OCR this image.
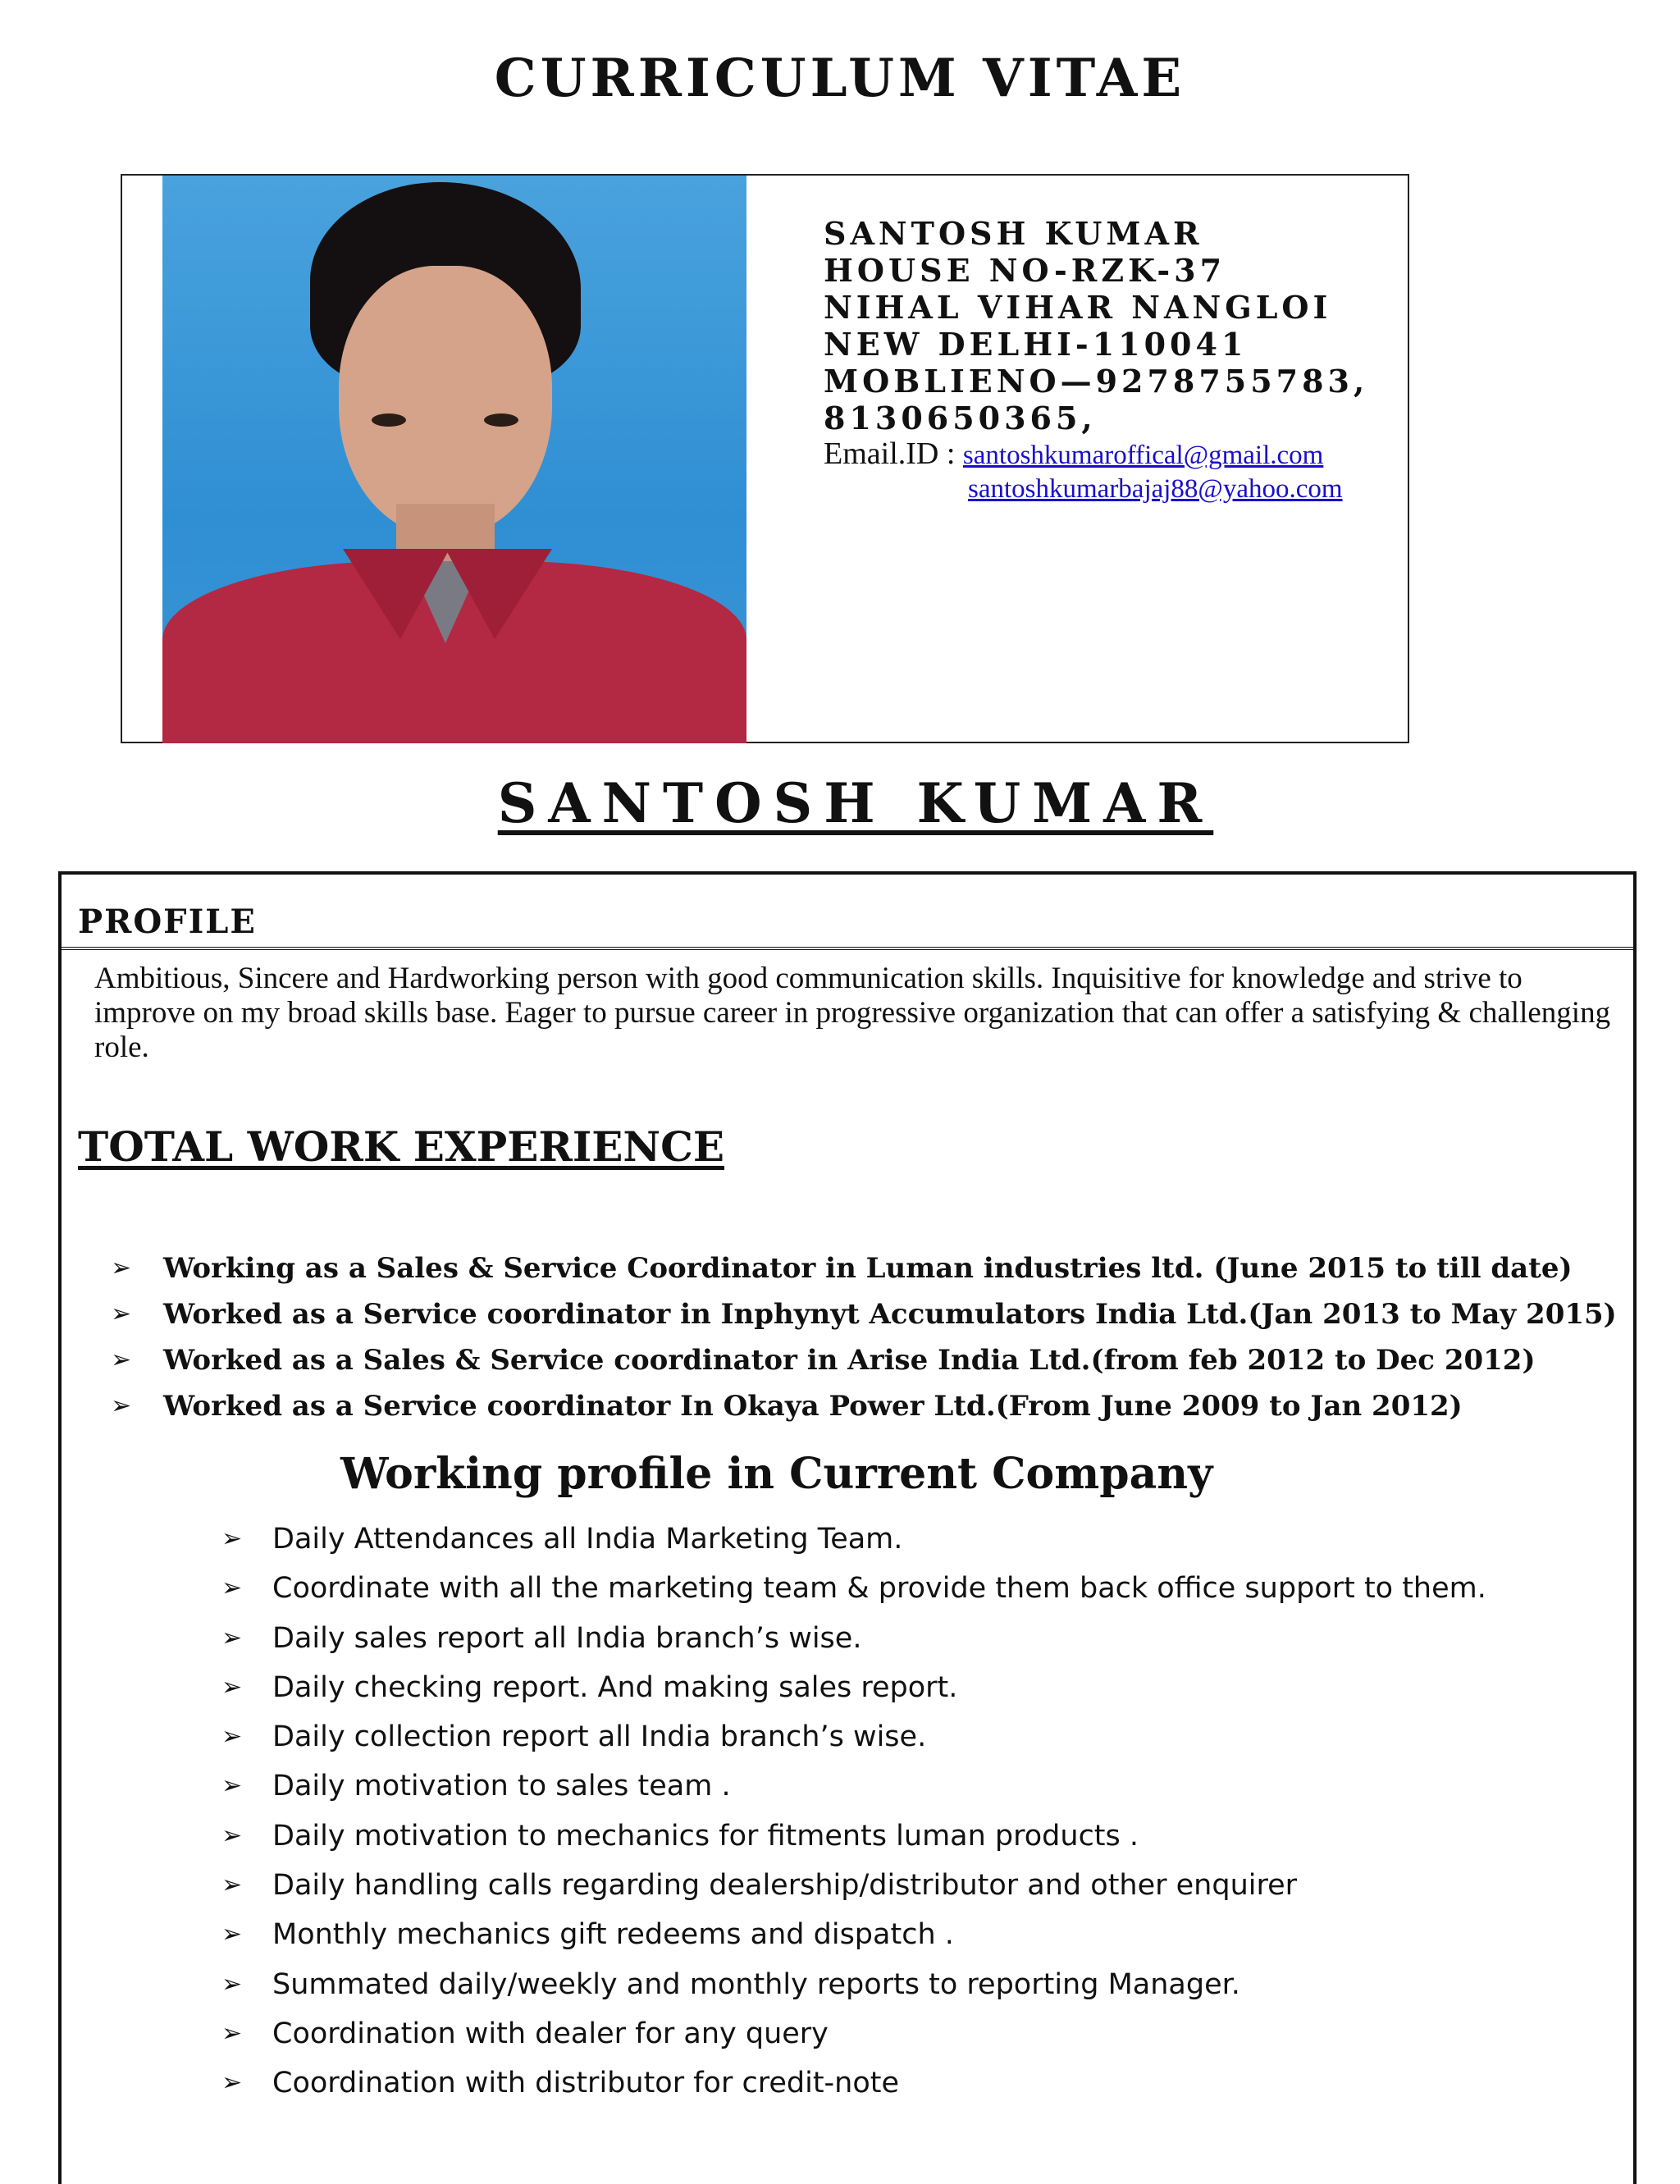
CURRICULUM VITAE
SANTOSH KUMAR
HOUSE NO-RZK-37
NIHAL VIHAR NANGLOI
NEW DELHI-110041
MOBLIENO—9278755783,
8130650365,
Email.ID : santoshkumaroffical@gmail.com
santoshkumarbajaj88@yahoo.com
SANTOSH KUMAR
PROFILE

Ambitious, Sincere and Hardworking person with good communication skills. Inquisitive for knowledge and strive to improve on my broad skills base. Eager to pursue career in progressive organization that can offer a satisfying & challenging role.

TOTAL WORK EXPERIENCE
➢ Working as a Sales & Service Coordinator in Luman industries ltd. (June 2015 to till date)
➢ Worked as a Service coordinator in Inphynyt Accumulators India Ltd.(Jan 2013 to May 2015)
➢ Worked as a Sales & Service coordinator in Arise India Ltd.(from feb 2012 to Dec 2012)
➢ Worked as a Service coordinator In Okaya Power Ltd.(From June 2009 to Jan 2012)
Working profile in Current Company
➢ Daily Attendances all India Marketing Team.
➢ Coordinate with all the marketing team & provide them back office support to them.
➢ Daily sales report all India branch’s wise.
➢ Daily checking report. And making sales report.
➢ Daily collection report all India branch’s wise.
➢ Daily motivation to sales team .
➢ Daily motivation to mechanics for fitments luman products .
➢ Daily handling calls regarding dealership/distributor and other enquirer
➢ Monthly mechanics gift redeems and dispatch .
➢ Summated daily/weekly and monthly reports to reporting Manager.
➢ Coordination with dealer for any query
➢ Coordination with distributor for credit-note
